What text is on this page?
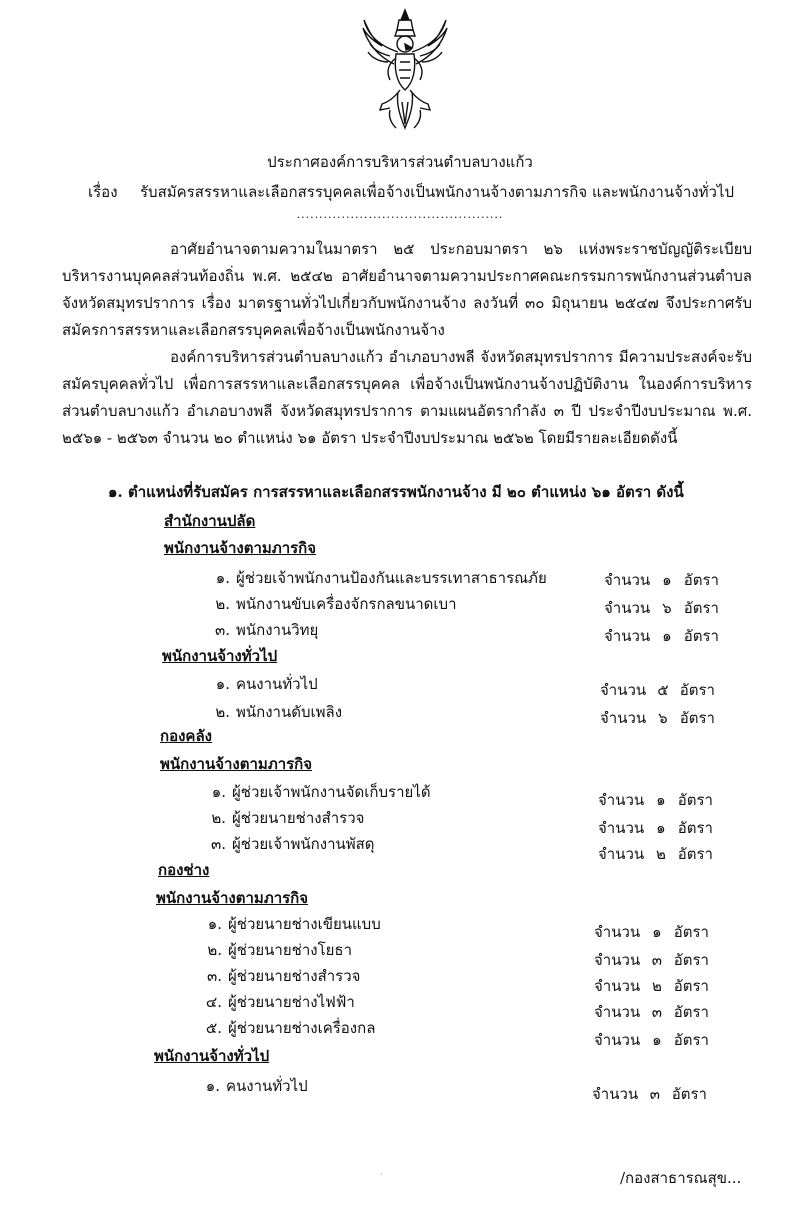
ประกาศองค์การบริหารส่วนตำบลบางแก้ว
เรื่อง รับสมัครสรรหาและเลือกสรรบุคคลเพื่อจ้างเป็นพนักงานจ้างตามภารกิจ และพนักงานจ้างทั่วไป
..............................................
อาศัยอำนาจตามความในมาตรา ๒๕ ประกอบมาตรา ๒๖ แห่งพระราชบัญญัติระเบียบบริหารงานบุคคลส่วนท้องถิ่น พ.ศ. ๒๕๔๒ อาศัยอำนาจตามความประกาศคณะกรรมการพนักงานส่วนตำบลจังหวัดสมุทรปราการ เรื่อง มาตรฐานทั่วไปเกี่ยวกับพนักงานจ้าง ลงวันที่ ๓๐ มิถุนายน ๒๕๔๗ จึงประกาศรับสมัครการสรรหาและเลือกสรรบุคคลเพื่อจ้างเป็นพนักงานจ้าง
องค์การบริหารส่วนตำบลบางแก้ว อำเภอบางพลี จังหวัดสมุทรปราการ มีความประสงค์จะรับสมัครบุคคลทั่วไป เพื่อการสรรหาและเลือกสรรบุคคล เพื่อจ้างเป็นพนักงานจ้างปฏิบัติงาน ในองค์การบริหารส่วนตำบลบางแก้ว อำเภอบางพลี จังหวัดสมุทรปราการ ตามแผนอัตรากำลัง ๓ ปี ประจำปีงบประมาณ พ.ศ. ๒๕๖๑ - ๒๕๖๓ จำนวน ๒๐ ตำแหน่ง ๖๑ อัตรา ประจำปีงบประมาณ ๒๕๖๒ โดยมีรายละเอียดดังนี้
๑. ตำแหน่งที่รับสมัคร การสรรหาและเลือกสรรพนักงานจ้าง มี ๒๐ ตำแหน่ง ๖๑ อัตรา ดังนี้
สำนักงานปลัด
พนักงานจ้างตามภารกิจ
๑. ผู้ช่วยเจ้าพนักงานป้องกันและบรรเทาสาธารณภัย	จำนวน ๑ อัตรา
๒. พนักงานขับเครื่องจักรกลขนาดเบา	จำนวน ๖ อัตรา
๓. พนักงานวิทยุ	จำนวน ๑ อัตรา
พนักงานจ้างทั่วไป
๑. คนงานทั่วไป	จำนวน ๕ อัตรา
๒. พนักงานดับเพลิง	จำนวน ๖ อัตรา
กองคลัง
พนักงานจ้างตามภารกิจ
๑. ผู้ช่วยเจ้าพนักงานจัดเก็บรายได้	จำนวน ๑ อัตรา
๒. ผู้ช่วยนายช่างสำรวจ
จำนวน ๑ อัตรา
๓. ผู้ช่วยเจ้าพนักงานพัสดุ
จำนวน ๒ อัตรา
กองช่าง
พนักงานจ้างตามภารกิจ
๑. ผู้ช่วยนายช่างเขียนแบบ	จำนวน ๑ อัตรา
๒. ผู้ช่วยนายช่างโยธา
จำนวน ๓ อัตรา
๓. ผู้ช่วยนายช่างสำรวจ
จำนวน ๒ อัตรา
๔. ผู้ช่วยนายช่างไฟฟ้า
จำนวน ๓ อัตรา
๕. ผู้ช่วยนายช่างเครื่องกล
จำนวน ๑ อัตรา
พนักงานจ้างทั่วไป
๑. คนงานทั่วไป	จำนวน ๓ อัตรา
·	/กองสาธารณสุข...
